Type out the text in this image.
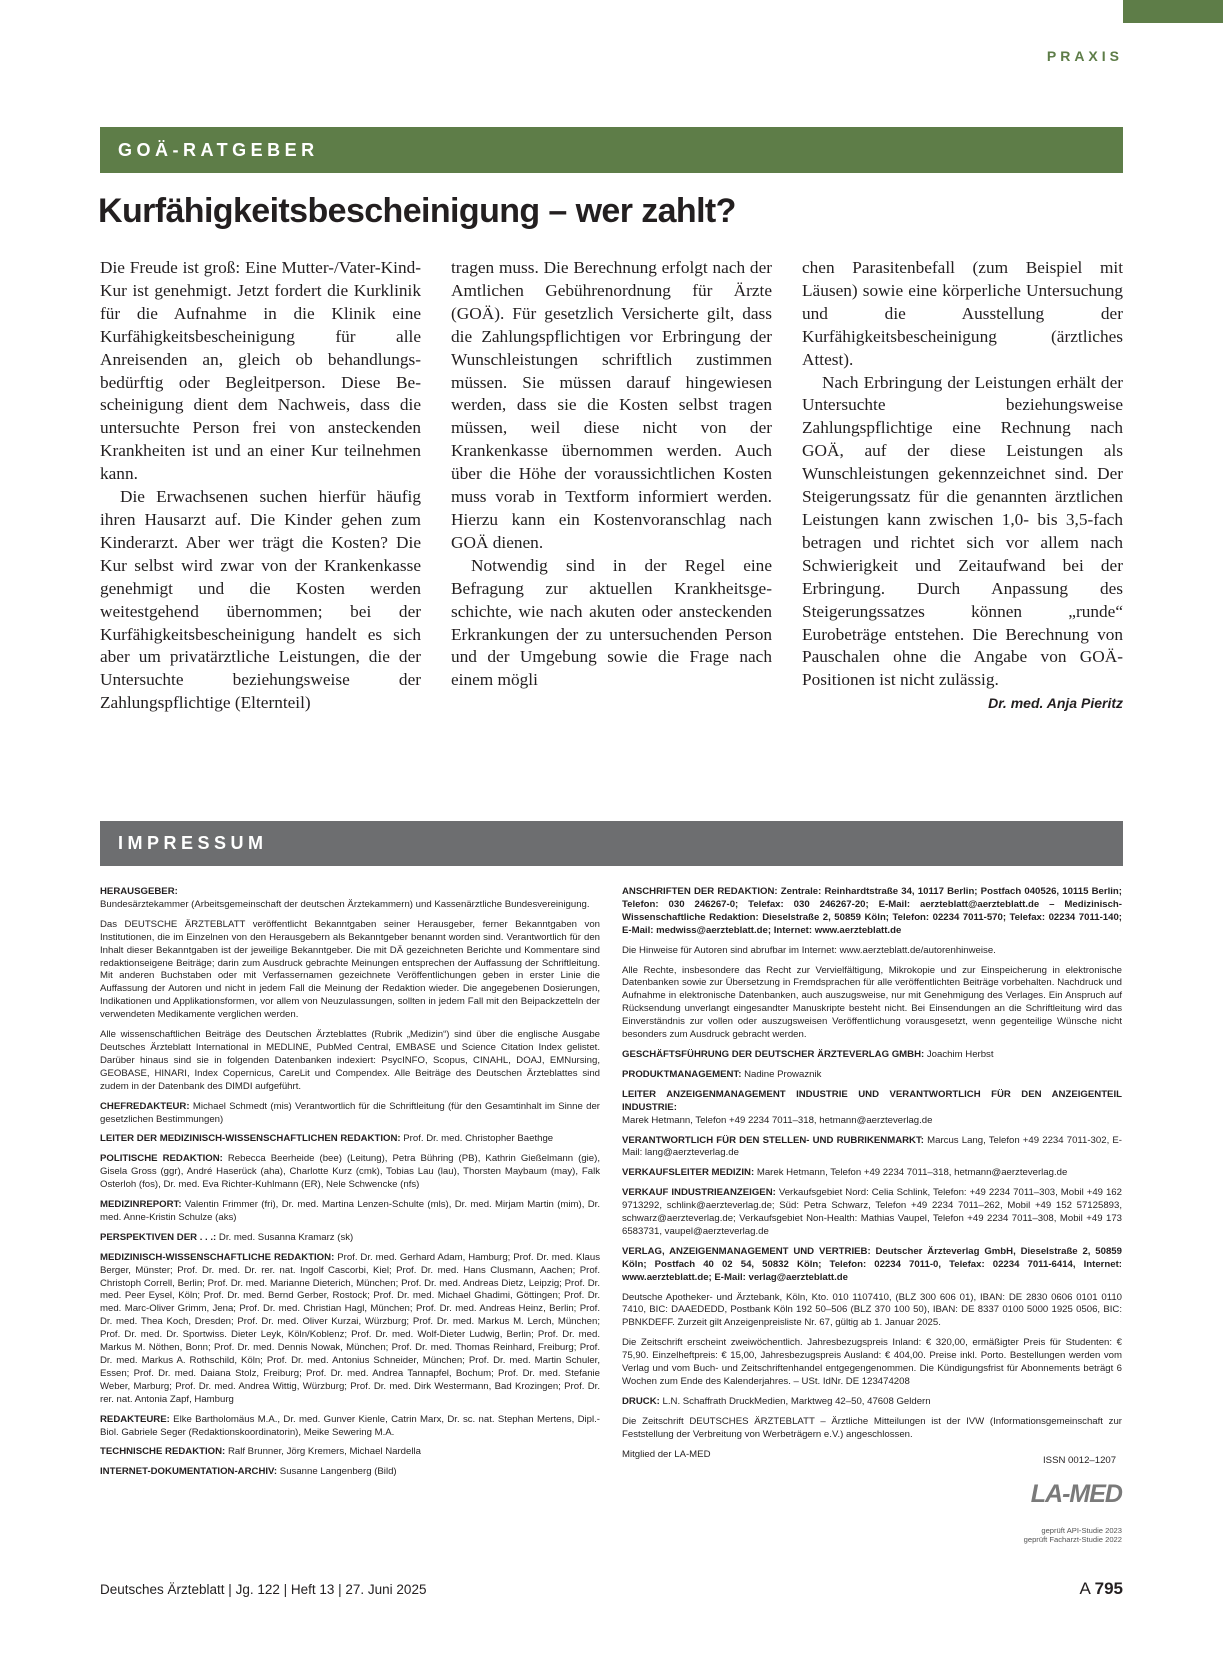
PRAXIS
GOÄ-RATGEBER
Kurfähigkeitsbescheinigung – wer zahlt?

Die Freude ist groß: Eine Mutter-/Vater-Kind-Kur ist genehmigt. Jetzt fordert die Kurklinik für die Aufnahme in die Klinik eine Kurfähigkeitsbescheinigung für alle Anreisenden an, gleich ob behandlungsbedürftig oder Begleitperson. Diese Bescheinigung dient dem Nachweis, dass die untersuchte Person frei von ansteckenden Krankheiten ist und an einer Kur teilnehmen kann.

Die Erwachsenen suchen hierfür häufig ihren Hausarzt auf. Die Kinder gehen zum Kinderarzt. Aber wer trägt die Kosten? Die Kur selbst wird zwar von der Krankenkasse genehmigt und die Kosten werden weitestgehend übernommen; bei der Kurfähigkeitsbescheinigung handelt es sich aber um privatärztliche Leistungen, die der Untersuchte beziehungsweise der Zahlungspflichtige (Elternteil)

tragen muss. Die Berechnung erfolgt nach der Amtlichen Gebührenordnung für Ärzte (GOÄ). Für gesetzlich Versicherte gilt, dass die Zahlungspflichtigen vor Erbringung der Wunschleistungen schriftlich zustimmen müssen. Sie müssen darauf hingewiesen werden, dass sie die Kosten selbst tragen müssen, weil diese nicht von der Krankenkasse übernommen werden. Auch über die Höhe der voraussichtlichen Kosten muss vorab in Textform informiert werden. Hierzu kann ein Kostenvoranschlag nach GOÄ dienen.

Notwendig sind in der Regel eine Befragung zur aktuellen Krankheitsgeschichte, wie nach akuten oder ansteckenden Erkrankungen der zu untersuchenden Person und der Umgebung sowie die Frage nach einem mögli

chen Parasitenbefall (zum Beispiel mit Läusen) sowie eine körperliche Untersuchung und die Ausstellung der Kurfähigkeitsbescheinigung (ärztliches Attest).

Nach Erbringung der Leistungen erhält der Untersuchte beziehungsweise Zahlungspflichtige eine Rechnung nach GOÄ, auf der diese Leistungen als Wunschleistungen gekennzeichnet sind. Der Steigerungssatz für die genannten ärztlichen Leistungen kann zwischen 1,0- bis 3,5-fach betragen und richtet sich vor allem nach Schwierigkeit und Zeitaufwand bei der Erbringung. Durch Anpassung des Steigerungssatzes können „runde“ Eurobeträge entstehen. Die Berechnung von Pauschalen ohne die Angabe von GOÄ-Positionen ist nicht zulässig.
Dr. med. Anja Pieritz

IMPRESSUM

HERAUSGEBER:
Bundesärztekammer (Arbeitsgemeinschaft der deutschen Ärztekammern) und Kassenärztliche Bundesvereinigung.

Das DEUTSCHE ÄRZTEBLATT veröffentlicht Bekanntgaben seiner Herausgeber, ferner Bekanntgaben von Institutionen, die im Einzelnen von den Herausgebern als Bekanntgeber benannt worden sind. Verantwortlich für den Inhalt dieser Bekanntgaben ist der jeweilige Bekanntgeber. Die mit DÄ gezeichneten Berichte und Kommentare sind redaktionseigene Beiträge; darin zum Ausdruck gebrachte Meinungen entsprechen der Auffassung der Schriftleitung. Mit anderen Buchstaben oder mit Verfassernamen gezeichnete Veröffentlichungen geben in erster Linie die Auffassung der Autoren und nicht in jedem Fall die Meinung der Redaktion wieder. Die angegebenen Dosierungen, Indikationen und Applikationsformen, vor allem von Neuzulassungen, sollten in jedem Fall mit den Beipackzetteln der verwendeten Medikamente verglichen werden.

Alle wissenschaftlichen Beiträge des Deutschen Ärzteblattes (Rubrik „Medizin“) sind über die englische Ausgabe Deutsches Ärzteblatt International in MEDLINE, PubMed Central, EMBASE und Science Citation Index gelistet. Darüber hinaus sind sie in folgenden Datenbanken indexiert: PsycINFO, Scopus, CINAHL, DOAJ, EMNursing, GEOBASE, HINARI, Index Copernicus, CareLit und Compendex. Alle Beiträge des Deutschen Ärzteblattes sind zudem in der Datenbank des DIMDI aufgeführt.

CHEFREDAKTEUR: Michael Schmedt (mis) Verantwortlich für die Schriftleitung (für den Gesamtinhalt im Sinne der gesetzlichen Bestimmungen)

LEITER DER MEDIZINISCH-WISSENSCHAFTLICHEN REDAKTION: Prof. Dr. med. Christopher Baethge

POLITISCHE REDAKTION: Rebecca Beerheide (bee) (Leitung), Petra Bühring (PB), Kathrin Gießelmann (gie), Gisela Gross (ggr), André Haserück (aha), Charlotte Kurz (cmk), Tobias Lau (lau), Thorsten Maybaum (may), Falk Osterloh (fos), Dr. med. Eva Richter-Kuhlmann (ER), Nele Schwencke (nfs)

MEDIZINREPORT: Valentin Frimmer (fri), Dr. med. Martina Lenzen-Schulte (mls), Dr. med. Mirjam Martin (mim), Dr. med. Anne-Kristin Schulze (aks)

PERSPEKTIVEN DER . . .: Dr. med. Susanna Kramarz (sk)

MEDIZINISCH-WISSENSCHAFTLICHE REDAKTION: Prof. Dr. med. Gerhard Adam, Hamburg; Prof. Dr. med. Klaus Berger, Münster; Prof. Dr. med. Dr. rer. nat. Ingolf Cascorbi, Kiel; Prof. Dr. med. Hans Clusmann, Aachen; Prof. Christoph Correll, Berlin; Prof. Dr. med. Marianne Dieterich, München; Prof. Dr. med. Andreas Dietz, Leipzig; Prof. Dr. med. Peer Eysel, Köln; Prof. Dr. med. Bernd Gerber, Rostock; Prof. Dr. med. Michael Ghadimi, Göttingen; Prof. Dr. med. Marc-Oliver Grimm, Jena; Prof. Dr. med. Christian Hagl, München; Prof. Dr. med. Andreas Heinz, Berlin; Prof. Dr. med. Thea Koch, Dresden; Prof. Dr. med. Oliver Kurzai, Würzburg; Prof. Dr. med. Markus M. Lerch, München; Prof. Dr. med. Dr. Sportwiss. Dieter Leyk, Köln/Koblenz; Prof. Dr. med. Wolf-Dieter Ludwig, Berlin; Prof. Dr. med. Markus M. Nöthen, Bonn; Prof. Dr. med. Dennis Nowak, München; Prof. Dr. med. Thomas Reinhard, Freiburg; Prof. Dr. med. Markus A. Rothschild, Köln; Prof. Dr. med. Antonius Schneider, München; Prof. Dr. med. Martin Schuler, Essen; Prof. Dr. med. Daiana Stolz, Freiburg; Prof. Dr. med. Andrea Tannapfel, Bochum; Prof. Dr. med. Stefanie Weber, Marburg; Prof. Dr. med. Andrea Wittig, Würzburg; Prof. Dr. med. Dirk Westermann, Bad Krozingen; Prof. Dr. rer. nat. Antonia Zapf, Hamburg

REDAKTEURE: Elke Bartholomäus M.A., Dr. med. Gunver Kienle, Catrin Marx, Dr. sc. nat. Stephan Mertens, Dipl.-Biol. Gabriele Seger (Redaktionskoordinatorin), Meike Sewering M.A.

TECHNISCHE REDAKTION: Ralf Brunner, Jörg Kremers, Michael Nardella

INTERNET-DOKUMENTATION-ARCHIV: Susanne Langenberg (Bild)

ANSCHRIFTEN DER REDAKTION: Zentrale: Reinhardtstraße 34, 10117 Berlin; Postfach 040526, 10115 Berlin; Telefon: 030 246267-0; Telefax: 030 246267-20; E-Mail: aerzteblatt@aerzteblatt.de – Medizinisch-Wissenschaftliche Redaktion: Dieselstraße 2, 50859 Köln; Telefon: 02234 7011-570; Telefax: 02234 7011-140; E-Mail: medwiss@aerzteblatt.de; Internet: www.aerzteblatt.de

Die Hinweise für Autoren sind abrufbar im Internet: www.aerzteblatt.de/autorenhinweise.

Alle Rechte, insbesondere das Recht zur Vervielfältigung, Mikrokopie und zur Einspeicherung in elektronische Datenbanken sowie zur Übersetzung in Fremdsprachen für alle veröffentlichten Beiträge vorbehalten. Nachdruck und Aufnahme in elektronische Datenbanken, auch auszugsweise, nur mit Genehmigung des Verlages. Ein Anspruch auf Rücksendung unverlangt eingesandter Manuskripte besteht nicht. Bei Einsendungen an die Schriftleitung wird das Einverständnis zur vollen oder auszugsweisen Veröffentlichung vorausgesetzt, wenn gegenteilige Wünsche nicht besonders zum Ausdruck gebracht werden.

GESCHÄFTSFÜHRUNG DER DEUTSCHER ÄRZTEVERLAG GMBH: Joachim Herbst

PRODUKTMANAGEMENT: Nadine Prowaznik

LEITER ANZEIGENMANAGEMENT INDUSTRIE UND VERANTWORTLICH FÜR DEN ANZEIGENTEIL INDUSTRIE:
Marek Hetmann, Telefon +49 2234 7011–318, hetmann@aerzteverlag.de

VERANTWORTLICH FÜR DEN STELLEN- UND RUBRIKENMARKT: Marcus Lang, Telefon +49 2234 7011-302, E-Mail: lang@aerzteverlag.de

VERKAUFSLEITER MEDIZIN: Marek Hetmann, Telefon +49 2234 7011–318, hetmann@aerzteverlag.de

VERKAUF INDUSTRIEANZEIGEN: Verkaufsgebiet Nord: Celia Schlink, Telefon: +49 2234 7011–303, Mobil +49 162 9713292, schlink@aerzteverlag.de; Süd: Petra Schwarz, Telefon +49 2234 7011–262, Mobil +49 152 57125893, schwarz@aerzteverlag.de; Verkaufsgebiet Non-Health: Mathias Vaupel, Telefon +49 2234 7011–308, Mobil +49 173 6583731, vaupel@aerzteverlag.de

VERLAG, ANZEIGENMANAGEMENT UND VERTRIEB: Deutscher Ärzteverlag GmbH, Dieselstraße 2, 50859 Köln; Postfach 40 02 54, 50832 Köln; Telefon: 02234 7011-0, Telefax: 02234 7011-6414, Internet: www.aerzteblatt.de; E-Mail: verlag@aerzteblatt.de

Deutsche Apotheker- und Ärztebank, Köln, Kto. 010 1107410, (BLZ 300 606 01), IBAN: DE 2830 0606 0101 0110 7410, BIC: DAAEDEDD, Postbank Köln 192 50–506 (BLZ 370 100 50), IBAN: DE 8337 0100 5000 1925 0506, BIC: PBNKDEFF. Zurzeit gilt Anzeigenpreisliste Nr. 67, gültig ab 1. Januar 2025.

Die Zeitschrift erscheint zweiwöchentlich. Jahresbezugspreis Inland: € 320,00, ermäßigter Preis für Studenten: € 75,90. Einzelheftpreis: € 15,00, Jahresbezugspreis Ausland: € 404,00. Preise inkl. Porto. Bestellungen werden vom Verlag und vom Buch- und Zeitschriftenhandel entgegengenommen. Die Kündigungsfrist für Abonnements beträgt 6 Wochen zum Ende des Kalenderjahres. – USt. IdNr. DE 123474208

DRUCK: L.N. Schaffrath DruckMedien, Marktweg 42–50, 47608 Geldern

Die Zeitschrift DEUTSCHES ÄRZTEBLATT – Ärztliche Mitteilungen ist der IVW (Informationsgemeinschaft zur Feststellung der Verbreitung von Werbeträgern e.V.) angeschlossen.

Mitglied der LA-MED

ISSN 0012–1207
LA-MED
geprüft API-Studie 2023
geprüft Facharzt-Studie 2022
Deutsches Ärzteblatt | Jg. 122 | Heft 13 | 27. Juni 2025	A 795
